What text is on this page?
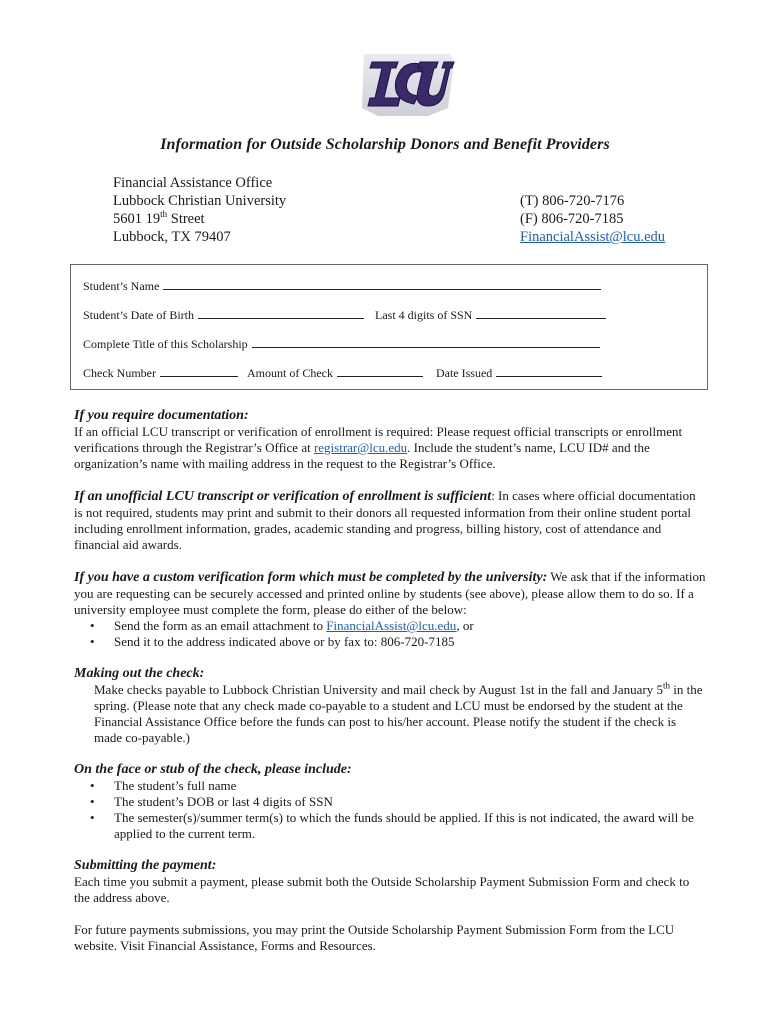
Information for Outside Scholarship Donors and Benefit Providers
Financial Assistance Office
Lubbock Christian University
5601 19th Street
Lubbock, TX 79407
(T) 806-720-7176
(F) 806-720-7185
FinancialAssist@lcu.edu
Student’s Name
Student’s Date of Birth	Last 4 digits of SSN
Complete Title of this Scholarship
Check Number	Amount of Check	Date Issued

If you require documentation:

If an official LCU transcript or verification of enrollment is required: Please request official transcripts or enrollment verifications through the Registrar’s Office at registrar@lcu.edu. Include the student’s name, LCU ID# and the organization’s name with mailing address in the request to the Registrar’s Office.

If an unofficial LCU transcript or verification of enrollment is sufficient: In cases where official documentation is not required, students may print and submit to their donors all requested information from their online student portal including enrollment information, grades, academic standing and progress, billing history, cost of attendance and financial aid awards.

If you have a custom verification form which must be completed by the university: We ask that if the information you are requesting can be securely accessed and printed online by students (see above), please allow them to do so. If a university employee must complete the form, please do either of the below:

• Send the form as an email attachment to FinancialAssist@lcu.edu, or
• Send it to the address indicated above or by fax to: 806-720-7185

Making out the check:

Make checks payable to Lubbock Christian University and mail check by August 1st in the fall and January 5th in the spring. (Please note that any check made co-payable to a student and LCU must be endorsed by the student at the Financial Assistance Office before the funds can post to his/her account. Please notify the student if the check is made co-payable.)

On the face or stub of the check, please include:

• The student’s full name
• The student’s DOB or last 4 digits of SSN
• The semester(s)/summer term(s) to which the funds should be applied. If this is not indicated, the award will be applied to the current term.

Submitting the payment:

Each time you submit a payment, please submit both the Outside Scholarship Payment Submission Form and check to the address above.

For future payments submissions, you may print the Outside Scholarship Payment Submission Form from the LCU website. Visit Financial Assistance, Forms and Resources.
